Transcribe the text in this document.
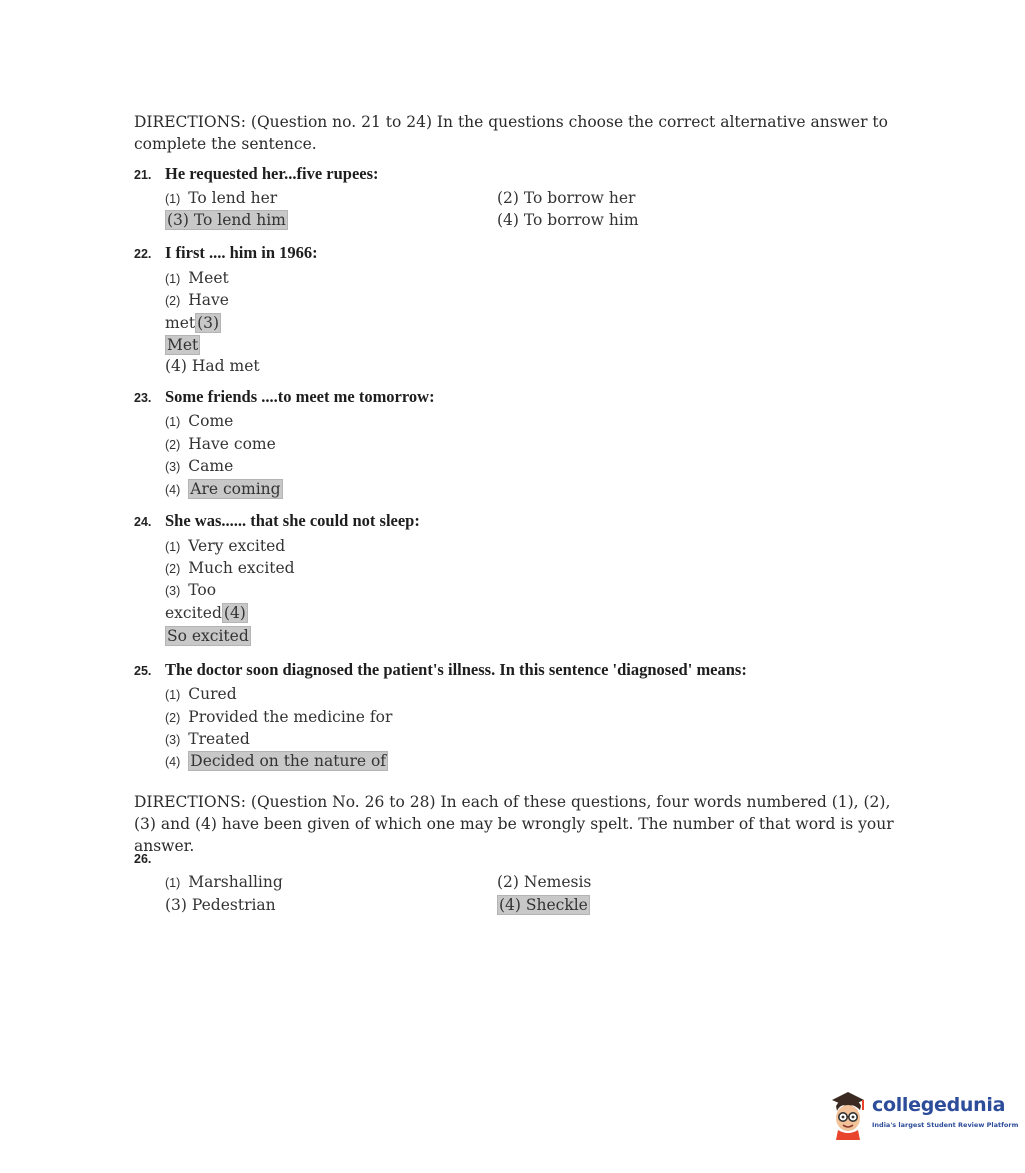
DIRECTIONS: (Question no. 21 to 24) In the questions choose the correct alternative answer to complete the sentence.
21. He requested her...five rupees:
(1) To lend her	(2) To borrow her
(3) To lend him	(4) To borrow him
22. I first .... him in 1966:
(1) Meet
(2) Have
met (3)
Met
(4) Had met
23. Some friends ....to meet me tomorrow:
(1) Come
(2) Have come
(3) Came
(4) Are coming
24. She was...... that she could not sleep:
(1) Very excited
(2) Much excited
(3) Too
excited (4)
So excited
25. The doctor soon diagnosed the patient's illness. In this sentence 'diagnosed' means:
(1) Cured
(2) Provided the medicine for
(3) Treated
(4) Decided on the nature of
DIRECTIONS: (Question No. 26 to 28) In each of these questions, four words numbered (1), (2), (3) and (4) have been given of which one may be wrongly spelt. The number of that word is your answer.
26.
(1) Marshalling	(2) Nemesis
(3) Pedestrian	(4) Sheckle
collegedunia
India's largest Student Review Platform
